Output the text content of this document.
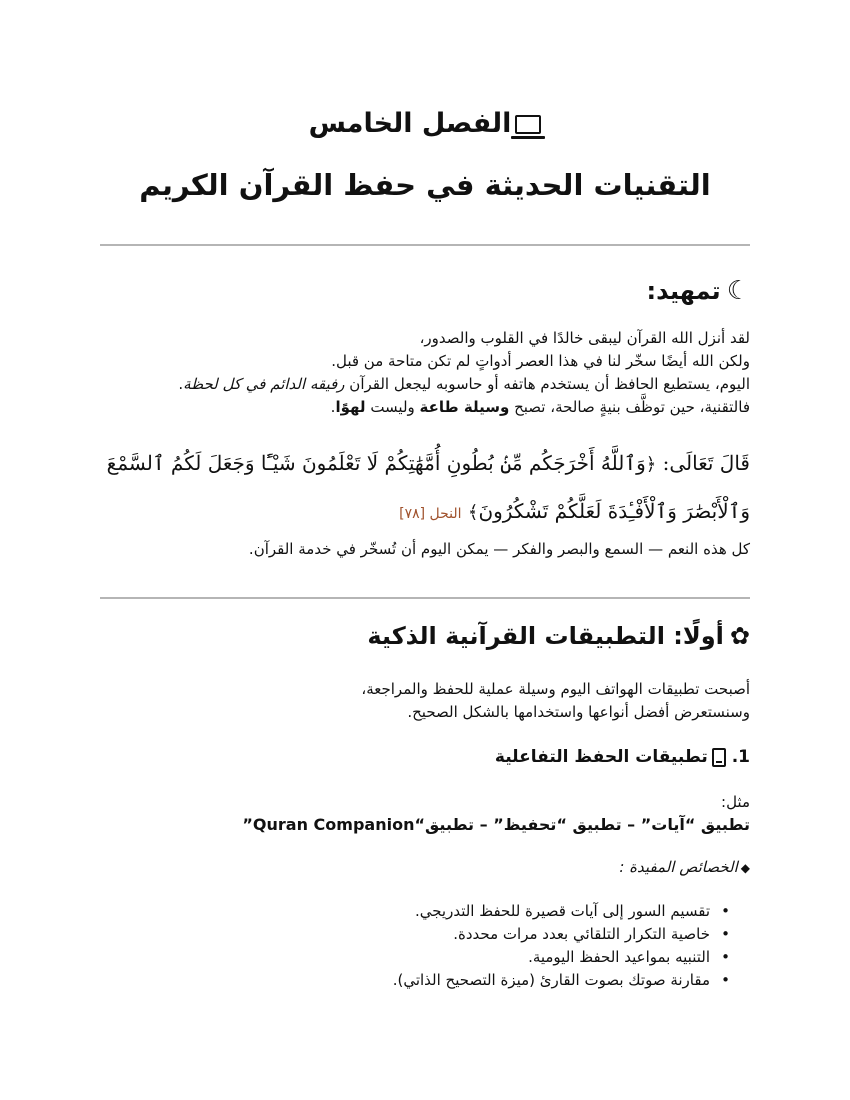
الفصل الخامس
التقنيات الحديثة في حفظ القرآن الكريم
☾تمهيد:
لقد أنزل الله القرآن ليبقى خالدًا في القلوب والصدور،
ولكن الله أيضًا سخّر لنا في هذا العصر أدواتٍ لم تكن متاحة من قبل.
اليوم، يستطيع الحافظ أن يستخدم هاتفه أو حاسوبه ليجعل القرآن رفيقه الدائم في كل لحظة.
فالتقنية، حين توظَّف بنيةٍ صالحة، تصبح وسيلة طاعة وليست لهوًا.
قَالَ تَعَالَى: ﴿وَٱللَّهُ أَخْرَجَكُم مِّنۢ بُطُونِ أُمَّهَٰتِكُمْ لَا تَعْلَمُونَ شَيْـًٔا وَجَعَلَ لَكُمُ ٱلسَّمْعَ وَٱلْأَبْصَٰرَ وَٱلْأَفْـِٔدَةَ لَعَلَّكُمْ تَشْكُرُونَ﴾ النحل [٧٨]
كل هذه النعم — السمع والبصر والفكر — يمكن اليوم أن تُسخّر في خدمة القرآن.
✿أولًا: التطبيقات القرآنية الذكية
أصبحت تطبيقات الهواتف اليوم وسيلة عملية للحفظ والمراجعة،
وسنستعرض أفضل أنواعها واستخدامها بالشكل الصحيح.
1. تطبيقات الحفظ التفاعلية
مثل:
تطبيق “آيات” – تطبيق “تحفيظ” – تطبيق“Quran Companion”
◆الخصائص المفيدة :
• تقسيم السور إلى آيات قصيرة للحفظ التدريجي.
• خاصية التكرار التلقائي بعدد مرات محددة.
• التنبيه بمواعيد الحفظ اليومية.
• مقارنة صوتك بصوت القارئ (ميزة التصحيح الذاتي).
